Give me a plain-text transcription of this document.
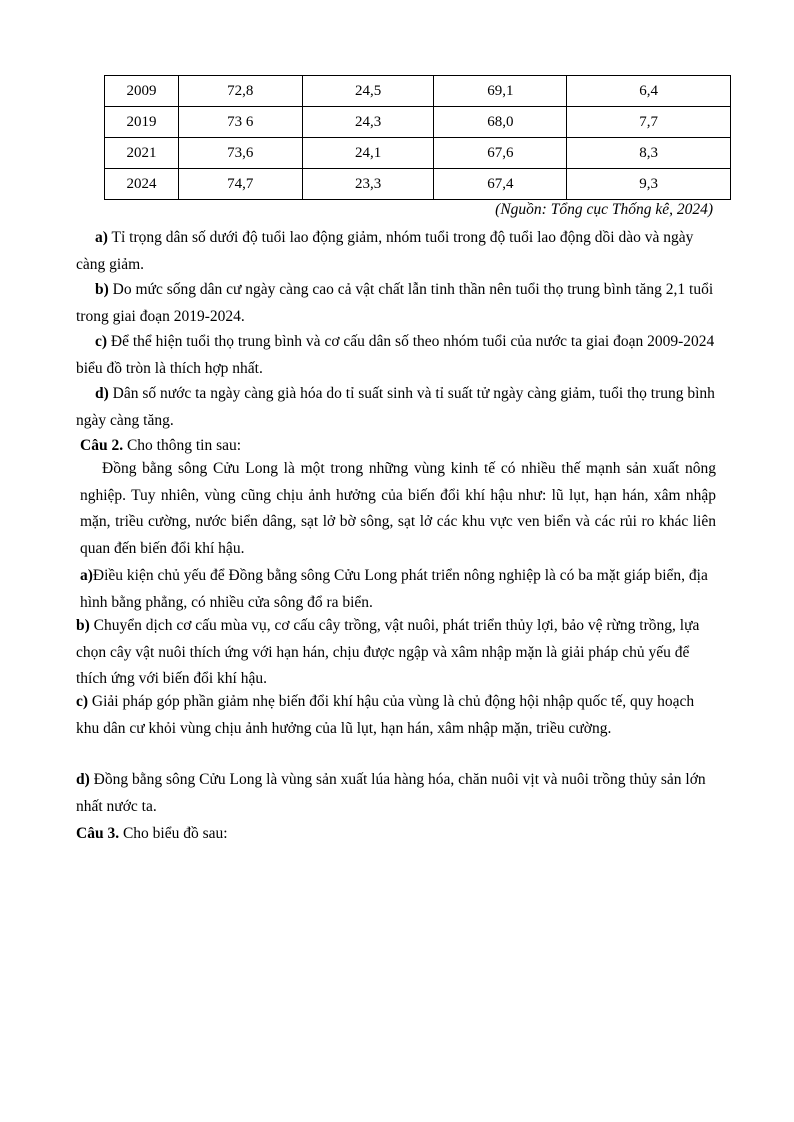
2009	72,8	24,5	69,1	6,4
2019	73 6	24,3	68,0	7,7
2021	73,6	24,1	67,6	8,3
2024	74,7	23,3	67,4	9,3
(Nguồn: Tổng cục Thống kê, 2024)
a) Tỉ trọng dân số dưới độ tuổi lao động giảm, nhóm tuổi trong độ tuổi lao động dồi dào và ngày càng giảm.
b) Do mức sống dân cư ngày càng cao cả vật chất lẫn tinh thần nên tuổi thọ trung bình tăng 2,1 tuổi trong giai đoạn 2019-2024.
c) Để thể hiện tuổi thọ trung bình và cơ cấu dân số theo nhóm tuổi của nước ta giai đoạn 2009-2024 biểu đồ tròn là thích hợp nhất.
d) Dân số nước ta ngày càng già hóa do tỉ suất sinh và tỉ suất tử ngày càng giảm, tuổi thọ trung bình ngày càng tăng.
Câu 2. Cho thông tin sau:
Đồng bằng sông Cửu Long là một trong những vùng kinh tế có nhiều thế mạnh sản xuất nông nghiệp. Tuy nhiên, vùng cũng chịu ảnh hưởng của biến đổi khí hậu như: lũ lụt, hạn hán, xâm nhập mặn, triều cường, nước biển dâng, sạt lở bờ sông, sạt lở các khu vực ven biển và các rủi ro khác liên quan đến biến đổi khí hậu.
a)Điều kiện chủ yếu để Đồng bằng sông Cửu Long phát triển nông nghiệp là có ba mặt giáp biển, địa hình bằng phẳng, có nhiều cửa sông đổ ra biển.
b) Chuyển dịch cơ cấu mùa vụ, cơ cấu cây trồng, vật nuôi, phát triển thủy lợi, bảo vệ rừng trồng, lựa chọn cây vật nuôi thích ứng với hạn hán, chịu được ngập và xâm nhập mặn là giải pháp chủ yếu để thích ứng với biến đổi khí hậu.
c) Giải pháp góp phần giảm nhẹ biến đổi khí hậu của vùng là chủ động hội nhập quốc tế, quy hoạch khu dân cư khỏi vùng chịu ảnh hưởng của lũ lụt, hạn hán, xâm nhập mặn, triều cường.
d) Đồng bằng sông Cửu Long là vùng sản xuất lúa hàng hóa, chăn nuôi vịt và nuôi trồng thủy sản lớn nhất nước ta.
Câu 3. Cho biểu đồ sau:
